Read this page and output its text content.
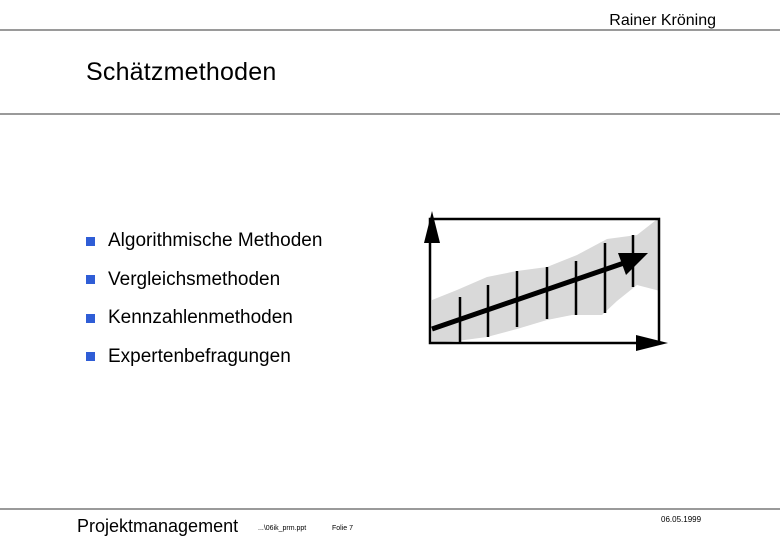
Rainer Kröning
Schätzmethoden
Algorithmische Methoden
Vergleichsmethoden
Kennzahlenmethoden
Expertenbefragungen
Projektmanagement	...\06ik_prm.ppt	Folie 7
06.05.1999
